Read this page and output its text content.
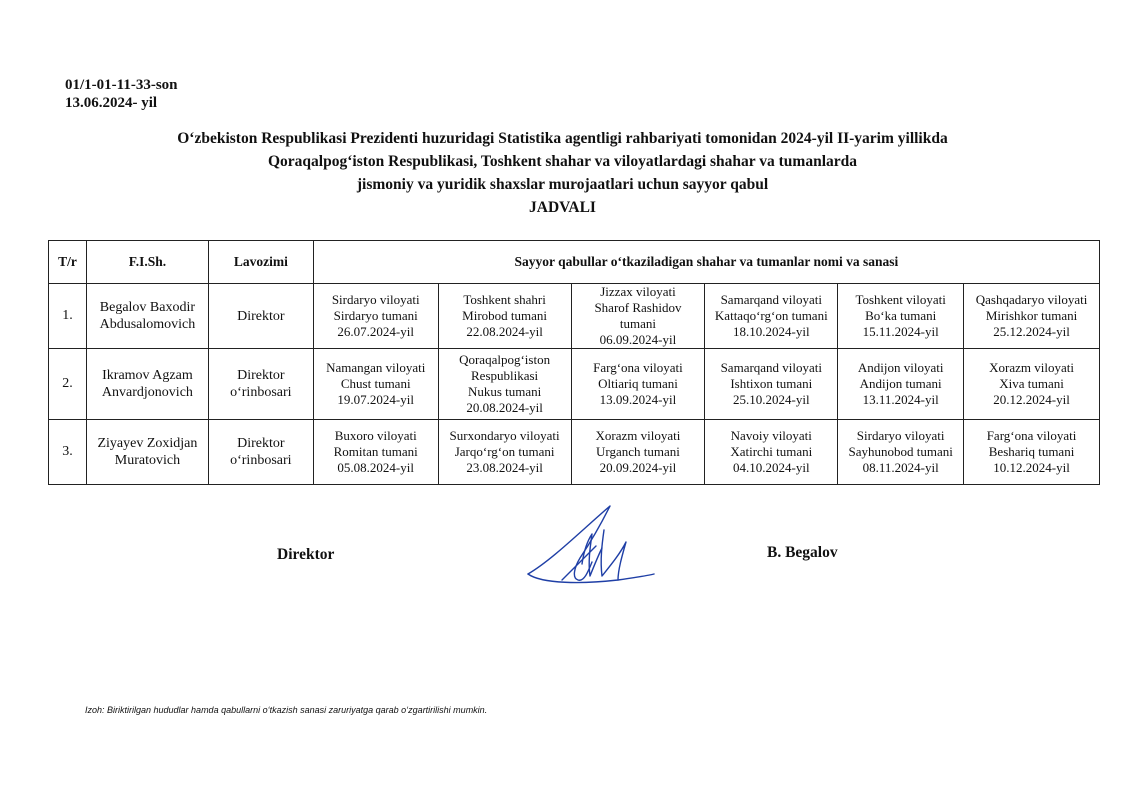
01/1-01-11-33-son
13.06.2024- yil
O‘zbekiston Respublikasi Prezidenti huzuridagi Statistika agentligi rahbariyati tomonidan 2024-yil II-yarim yillikda
Qoraqalpog‘iston Respublikasi, Toshkent shahar va viloyatlardagi shahar va tumanlarda
jismoniy va yuridik shaxslar murojaatlari uchun sayyor qabul
JADVALI
T/r	F.I.Sh.	Lavozimi	Sayyor qabullar o‘tkaziladigan shahar va tumanlar nomi va sanasi					
1.	Begalov Baxodir
Abdusalomovich	Direktor	Sirdaryo viloyati
Sirdaryo tumani
26.07.2024-yil	Toshkent shahri
Mirobod tumani
22.08.2024-yil	Jizzax viloyati
Sharof Rashidov
tumani
06.09.2024-yil	Samarqand viloyati
Kattaqo‘rg‘on tumani
18.10.2024-yil	Toshkent viloyati
Bo‘ka tumani
15.11.2024-yil	Qashqadaryo viloyati
Mirishkor tumani
25.12.2024-yil

2.	Ikramov Agzam
Anvardjonovich	Direktor
o‘rinbosari	Namangan viloyati
Chust tumani
19.07.2024-yil	Qoraqalpog‘iston
Respublikasi
Nukus tumani
20.08.2024-yil	Farg‘ona viloyati
Oltiariq tumani
13.09.2024-yil	Samarqand viloyati
Ishtixon tumani
25.10.2024-yil	Andijon viloyati
Andijon tumani
13.11.2024-yil	Xorazm viloyati
Xiva tumani
20.12.2024-yil

3.	Ziyayev Zoxidjan
Muratovich	Direktor
o‘rinbosari	Buxoro viloyati
Romitan tumani
05.08.2024-yil	Surxondaryo viloyati
Jarqo‘rg‘on tumani
23.08.2024-yil	Xorazm viloyati
Urganch tumani
20.09.2024-yil	Navoiy viloyati
Xatirchi tumani
04.10.2024-yil	Sirdaryo viloyati
Sayhunobod tumani
08.11.2024-yil	Farg‘ona viloyati
Beshariq tumani
10.12.2024-yil
Direktor	B. Begalov
Izoh: Biriktirilgan hududlar hamda qabullarni o‘tkazish sanasi zaruriyatga qarab o‘zgartirilishi mumkin.
